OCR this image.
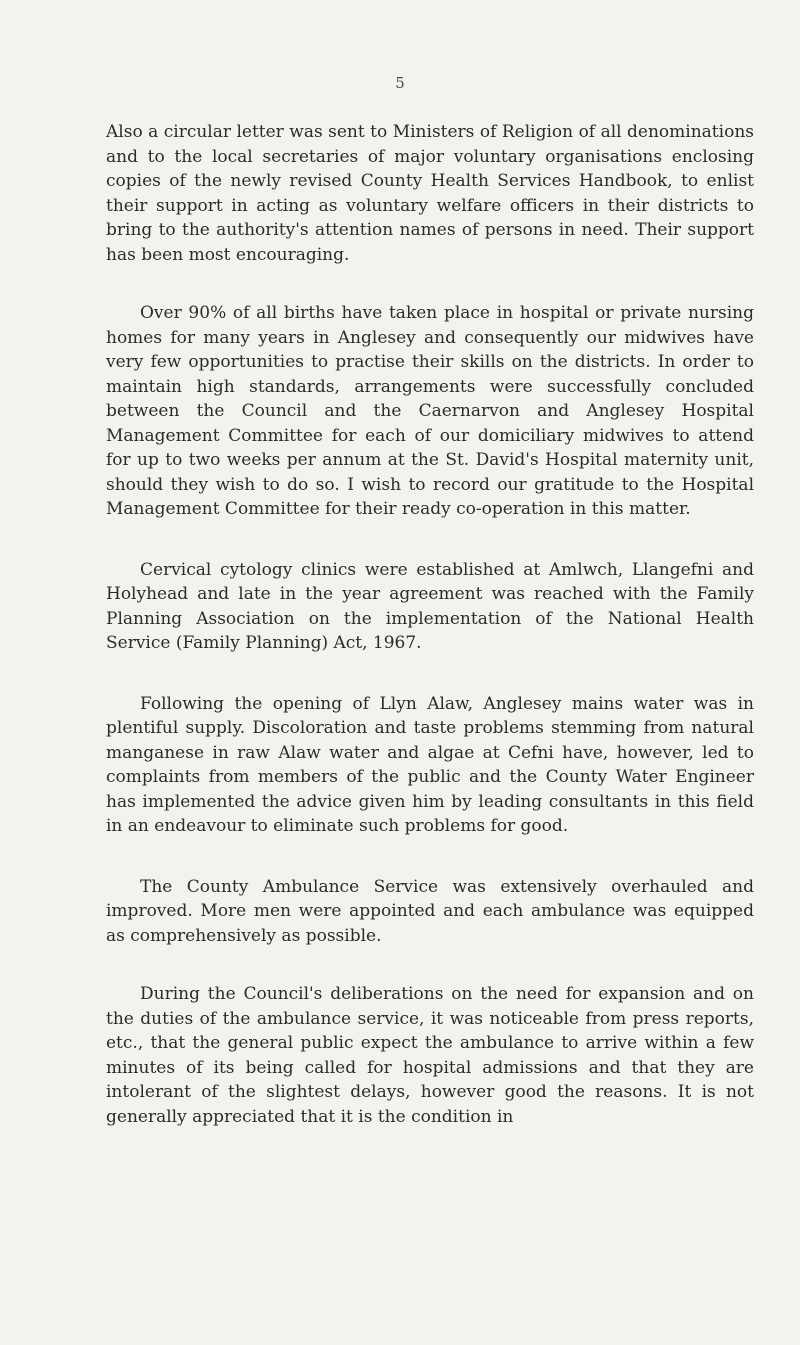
5

Also a circular letter was sent to Ministers of Religion of all denominations and to the local secretaries of major voluntary organisations enclosing copies of the newly revised County Health Services Handbook, to enlist their support in acting as voluntary welfare officers in their districts to bring to the authority's attention names of persons in need. Their support has been most encouraging.

Over 90% of all births have taken place in hospital or private nursing homes for many years in Anglesey and consequently our midwives have very few opportunities to practise their skills on the districts. In order to maintain high standards, arrangements were successfully concluded between the Council and the Caernarvon and Anglesey Hospital Management Committee for each of our domiciliary midwives to attend for up to two weeks per annum at the St. David's Hospital maternity unit, should they wish to do so. I wish to record our gratitude to the Hospital Management Committee for their ready co-operation in this matter.

Cervical cytology clinics were established at Amlwch, Llangefni and Holyhead and late in the year agreement was reached with the Family Planning Association on the implementation of the National Health Service (Family Planning) Act, 1967.

Following the opening of Llyn Alaw, Anglesey mains water was in plentiful supply. Discoloration and taste problems stemming from natural manganese in raw Alaw water and algae at Cefni have, however, led to complaints from members of the public and the County Water Engineer has implemented the advice given him by leading consultants in this field in an endeavour to eliminate such problems for good.

The County Ambulance Service was extensively overhauled and improved. More men were appointed and each ambulance was equipped as comprehensively as possible.

During the Council's deliberations on the need for expansion and on the duties of the ambulance service, it was noticeable from press reports, etc., that the general public expect the ambulance to arrive within a few minutes of its being called for hospital admissions and that they are intolerant of the slightest delays, however good the reasons. It is not generally appreciated that it is the condition in
